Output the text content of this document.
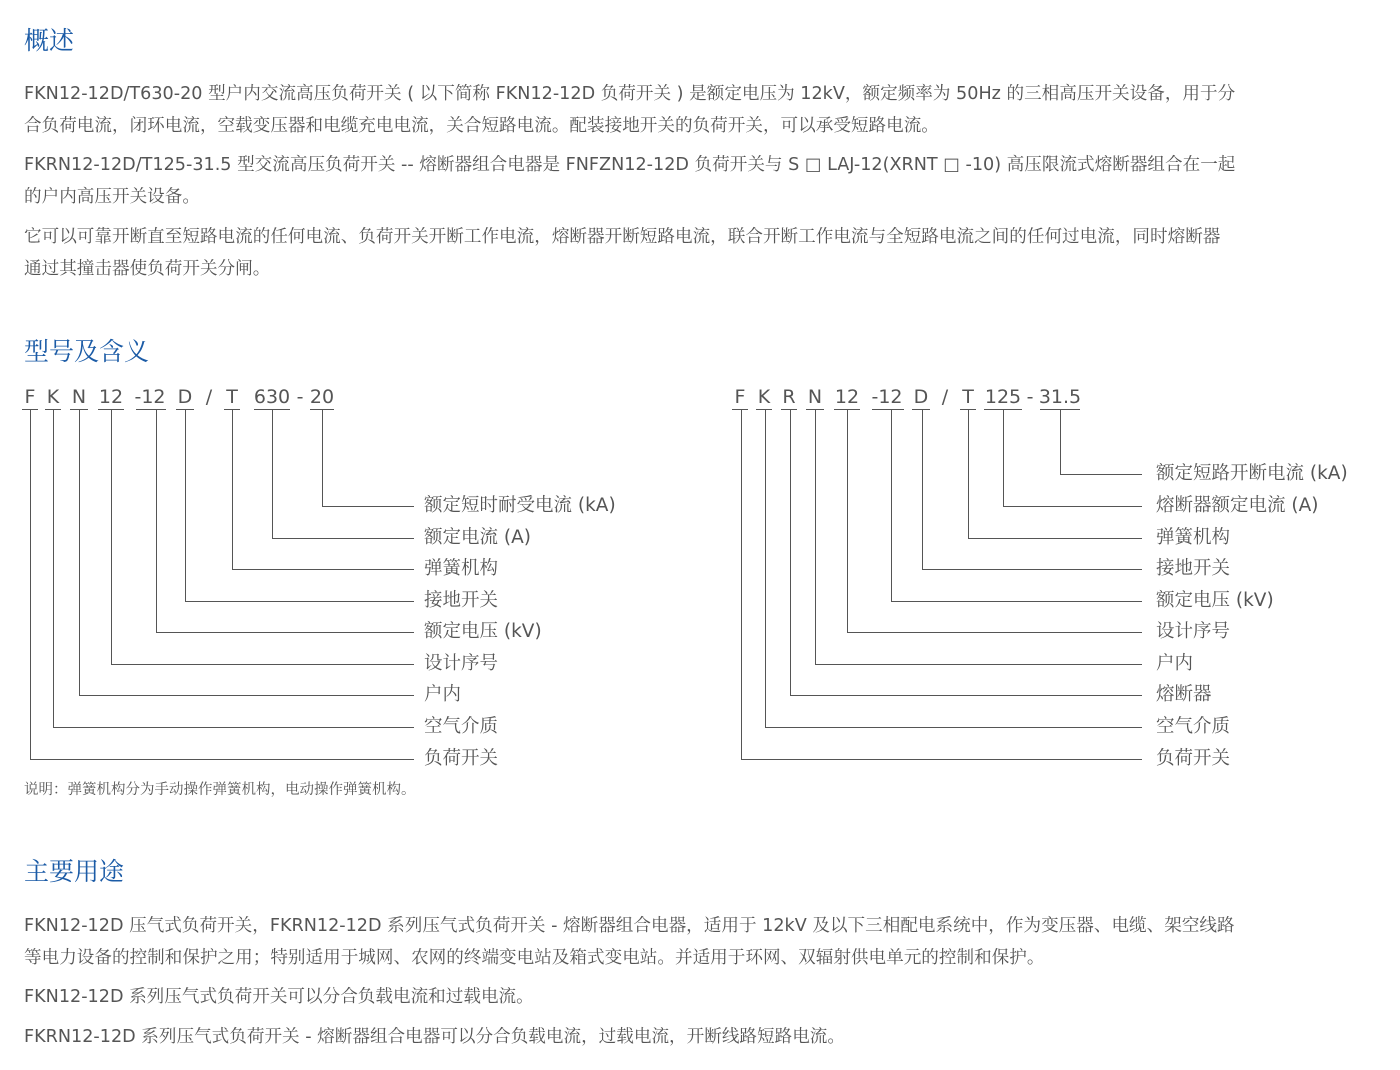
概述

FKN12-12D/T630-20 型户内交流高压负荷开关 ( 以下简称 FKN12-12D 负荷开关 ) 是额定电压为 12kV，额定频率为 50Hz 的三相高压开关设备，用于分
合负荷电流，闭环电流，空载变压器和电缆充电电流，关合短路电流。配装接地开关的负荷开关，可以承受短路电流。

FKRN12-12D/T125-31.5 型交流高压负荷开关 -- 熔断器组合电器是 FNFZN12-12D 负荷开关与 S □ LAJ-12(XRNT □ -10) 高压限流式熔断器组合在一起
的户内高压开关设备。

它可以可靠开断直至短路电流的任何电流、负荷开关开断工作电流，熔断器开断短路电流，联合开断工作电流与全短路电流之间的任何过电流，同时熔断器
通过其撞击器使负荷开关分闸。

型号及含义
F K N 12 -12 D / T 630 - 20
额定短时耐受电流 (kA)
额定电流 (A)
弹簧机构
接地开关
额定电压 (kV)
设计序号
户内
空气介质
负荷开关
F K R N 12 -12 D / T 125 - 31.5
额定短路开断电流 (kA)
熔断器额定电流 (A)
弹簧机构
接地开关
额定电压 (kV)
设计序号
户内
熔断器
空气介质
负荷开关

说明：弹簧机构分为手动操作弹簧机构，电动操作弹簧机构。

主要用途

FKN12-12D 压气式负荷开关，FKRN12-12D 系列压气式负荷开关 - 熔断器组合电器，适用于 12kV 及以下三相配电系统中，作为变压器、电缆、架空线路
等电力设备的控制和保护之用；特别适用于城网、农网的终端变电站及箱式变电站。并适用于环网、双辐射供电单元的控制和保护。

FKN12-12D 系列压气式负荷开关可以分合负载电流和过载电流。

FKRN12-12D 系列压气式负荷开关 - 熔断器组合电器可以分合负载电流，过载电流，开断线路短路电流。
